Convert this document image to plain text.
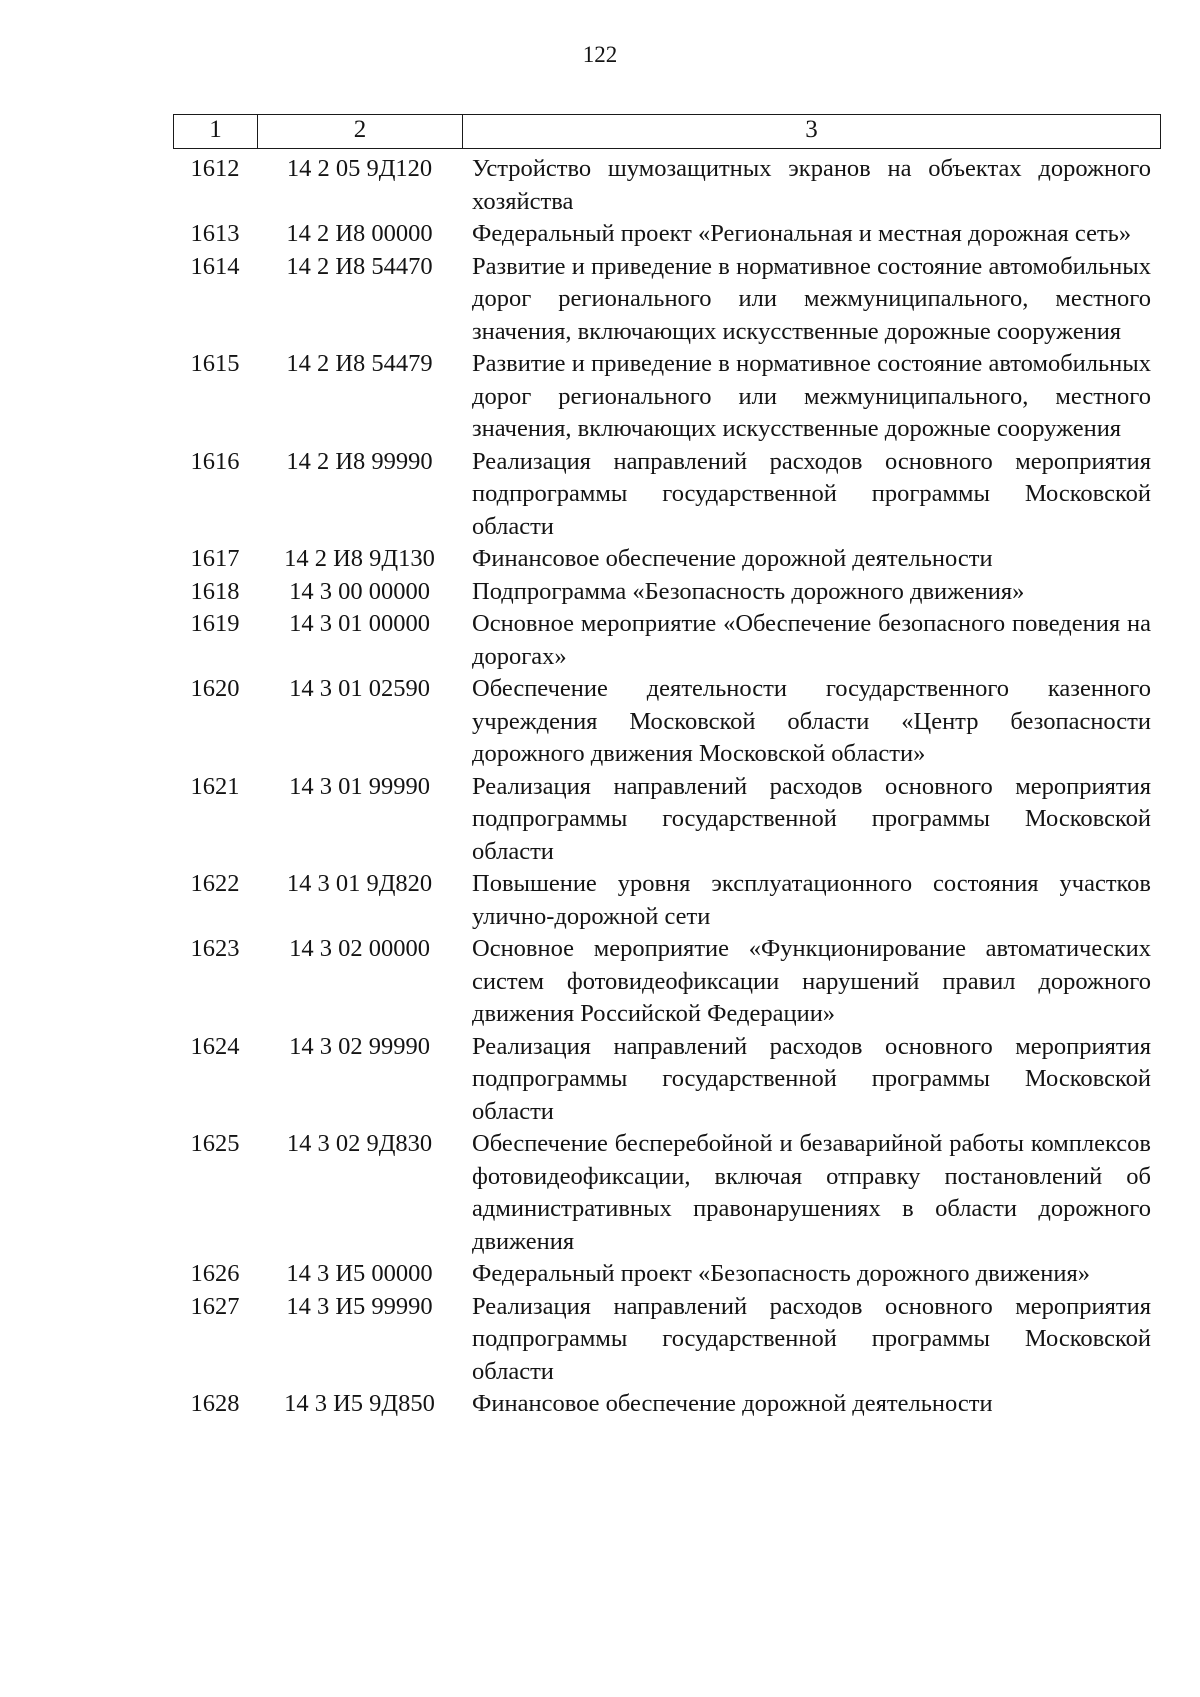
122
1	2	3
1612	14 2 05 9Д120	Устройство шумозащитных экранов на объектах дорожного хозяйства
1613	14 2 И8 00000	Федеральный проект «Региональная и местная дорожная сеть»
1614	14 2 И8 54470	Развитие и приведение в нормативное состояние автомобильных дорог регионального или межмуниципального, местного значения, включающих искусственные дорожные сооружения
1615	14 2 И8 54479	Развитие и приведение в нормативное состояние автомобильных дорог регионального или межмуниципального, местного значения, включающих искусственные дорожные сооружения
1616	14 2 И8 99990	Реализация направлений расходов основного мероприятия подпрограммы государственной программы Московской области
1617	14 2 И8 9Д130	Финансовое обеспечение дорожной деятельности
1618	14 3 00 00000	Подпрограмма «Безопасность дорожного движения»
1619	14 3 01 00000	Основное мероприятие «Обеспечение безопасного поведения на дорогах»
1620	14 3 01 02590	Обеспечение деятельности государственного казенного учреждения Московской области «Центр безопасности дорожного движения Московской области»
1621	14 3 01 99990	Реализация направлений расходов основного мероприятия подпрограммы государственной программы Московской области
1622	14 3 01 9Д820	Повышение уровня эксплуатационного состояния участков улично-дорожной сети
1623	14 3 02 00000	Основное мероприятие «Функционирование автоматических систем фотовидеофиксации нарушений правил дорожного движения Российской Федерации»
1624	14 3 02 99990	Реализация направлений расходов основного мероприятия подпрограммы государственной программы Московской области
1625	14 3 02 9Д830	Обеспечение бесперебойной и безаварийной работы комплексов фотовидеофиксации, включая отправку постановлений об административных правонарушениях в области дорожного движения
1626	14 3 И5 00000	Федеральный проект «Безопасность дорожного движения»
1627	14 3 И5 99990	Реализация направлений расходов основного мероприятия подпрограммы государственной программы Московской области
1628	14 3 И5 9Д850	Финансовое обеспечение дорожной деятельности
